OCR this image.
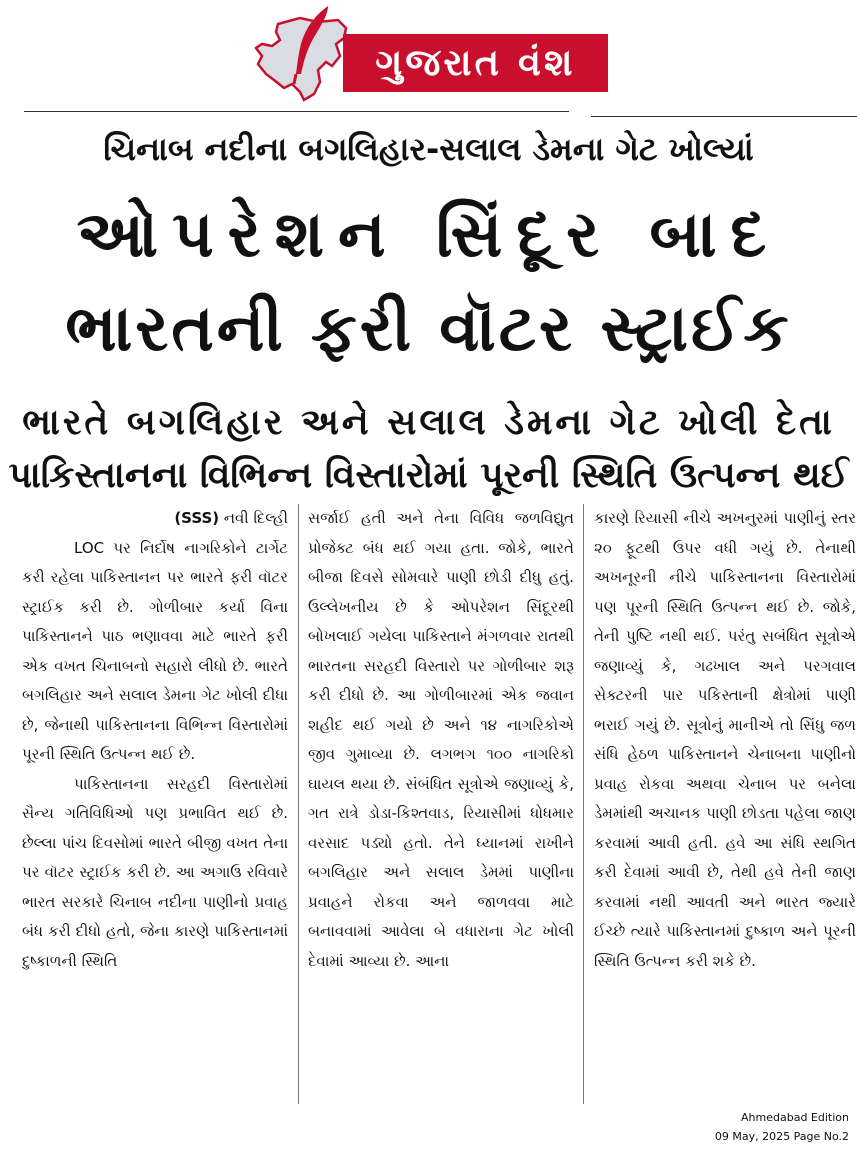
ગુજરાત વંશ
ચિનાબ નદીના બગલિહાર-સલાલ ડેમના ગેટ ખોલ્યાં
ઓપરેશન સિંદૂર બાદ
ભારતની ફરી વૉટર સ્ટ્રાઈક
ભારતે બગલિહાર અને સલાલ ડેમના ગેટ ખોલી દેતા
પાકિસ્તાનના વિભિન્ન વિસ્તારોમાં પૂરની સ્થિતિ ઉત્પન્ન થઈ

(SSS) નવી દિલ્હી

LOC પર નિર્દોષ નાગરિકોને ટાર્ગેટ કરી રહેલા પાકિસ્તાનન પર ભારતે ફરી વૉટર સ્ટ્રાઈક કરી છે. ગોળીબાર કર્યા વિના પાકિસ્તાનને પાઠ ભણાવવા માટે ભારતે ફરી એક વખત ચિનાબનો સહારો લીધો છે. ભારતે બગલિહાર અને સલાલ ડેમના ગેટ ખોલી દીધા છે, જેનાથી પાકિસ્તાનના વિભિન્ન વિસ્તારોમાં પૂરની સ્થિતિ ઉત્પન્ન થઈ છે.

પાકિસ્તાનના સરહદી વિસ્તારોમાં સૈન્ય ગતિવિધિઓ પણ પ્રભાવિત થઈ છે. છેલ્લા પાંચ દિવસોમાં ભારતે બીજી વખત તેના પર વૉટર સ્ટ્રાઈક કરી છે. આ અગાઉ રવિવારે ભારત સરકારે ચિનાબ નદીના પાણીનો પ્રવાહ બંધ કરી દીધો હતો, જેના કારણે પાકિસ્તાનમાં દુષ્કાળની સ્થિતિ

સર્જાઈ હતી અને તેના વિવિધ જળવિદ્યુત પ્રોજેક્ટ બંધ થઈ ગયા હતા. જોકે, ભારતે બીજા દિવસે સોમવારે પાણી છોડી દીધુ હતું. ઉલ્લેખનીય છે કે ઓપરેશન સિંદૂરથી બોખલાઈ ગયેલા પાકિસ્તાને મંગળવાર રાતથી ભારતના સરહદી વિસ્તારો પર ગોળીબાર શરૂ કરી દીધો છે. આ ગોળીબારમાં એક જવાન શહીદ થઈ ગયો છે અને ૧૪ નાગરિકોએ જીવ ગુમાવ્યા છે. લગભગ ૧૦૦ નાગરિકો ઘાયલ થયા છે. સંબંધિત સૂત્રોએ જણાવ્યું કે, ગત રાત્રે ડોડા-કિશ્તવાડ, રિયાસીમાં ધોધમાર વરસાદ પડ્યો હતો. તેને ધ્યાનમાં રાખીને બગલિહાર અને સલાલ ડેમમાં પાણીના પ્રવાહને રોકવા અને જાળવવા માટે બનાવવામાં આવેલા બે વધારાના ગેટ ખોલી દેવામાં આવ્યા છે. આના

કારણે રિયાસી નીચે અખનુરમાં પાણીનું સ્તર ૨૦ ફૂટથી ઉપર વધી ગયું છે. તેનાથી અખનૂરની નીચે પાકિસ્તાનના વિસ્તારોમાં પણ પૂરની સ્થિતિ ઉત્પન્ન થઈ છે. જોકે, તેની પુષ્ટિ નથી થઈ. પરંતુ સબંધિત સૂત્રોએ જણાવ્યું કે, ગઢખાલ અને પરગવાલ સેક્ટરની પાર પકિસ્તાની ક્ષેત્રોમાં પાણી ભરાઈ ગયું છે. સૂત્રોનું માનીએ તો સિંધુ જળ સંધિ હેઠળ પાકિસ્તાનને ચેનાબના પાણીનો પ્રવાહ રોકવા અથવા ચેનાબ પર બનેલા ડેમમાંથી અચાનક પાણી છોડતા પહેલા જાણ કરવામાં આવી હતી. હવે આ સંધિ સ્થગિત કરી દેવામાં આવી છે, તેથી હવે તેની જાણ કરવામાં નથી આવતી અને ભારત જ્યારે ઈચ્છે ત્યારે પાકિસ્તાનમાં દુષ્કાળ અને પૂરની સ્થિતિ ઉત્પન્ન કરી શકે છે.

Ahmedabad Edition
09 May, 2025 Page No.2
